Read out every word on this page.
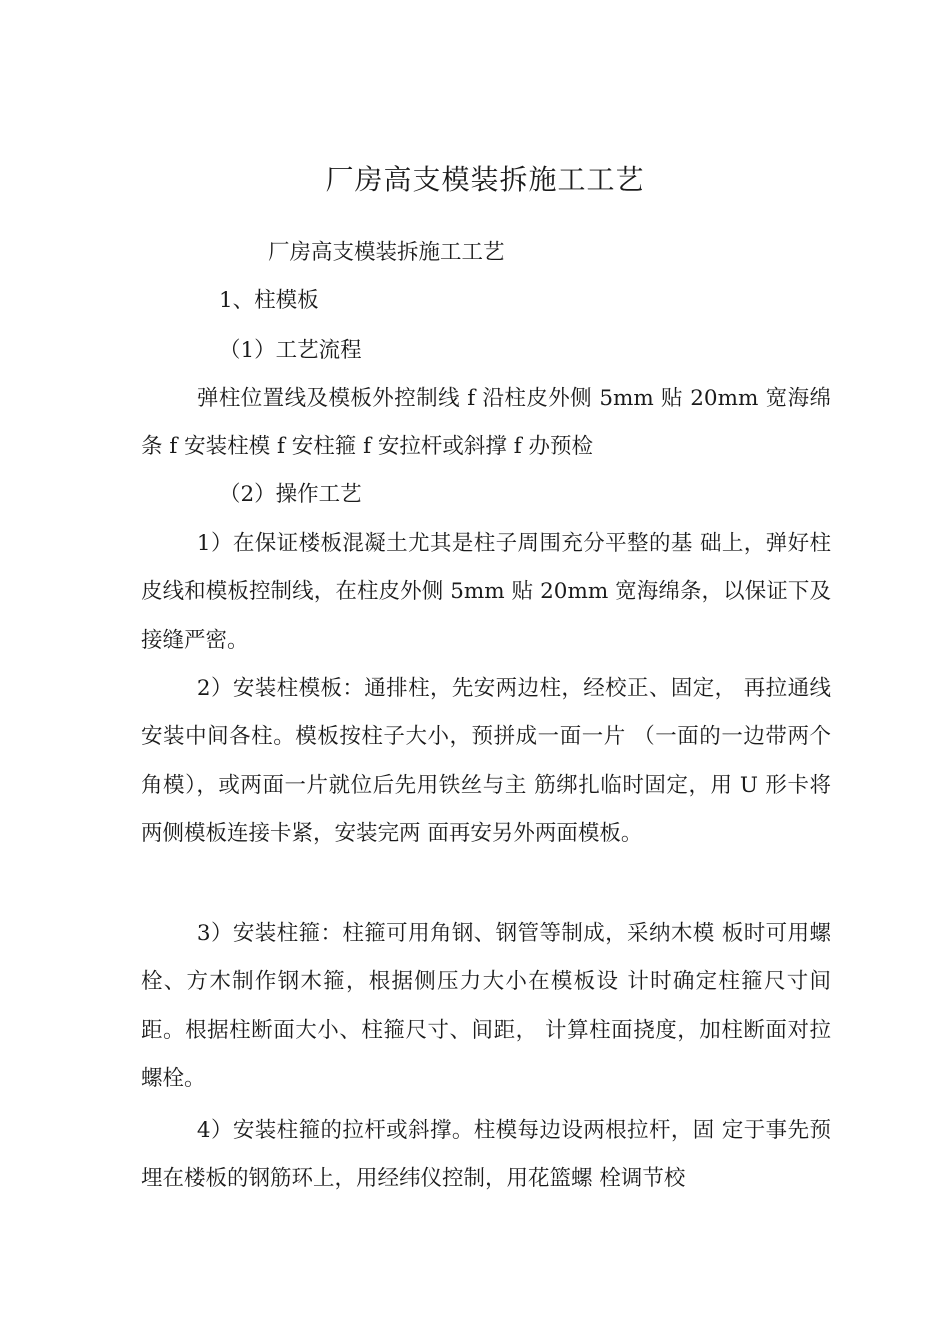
厂房高支模装拆施工工艺
厂房高支模装拆施工工艺
1、柱模板
（1）工艺流程
弹柱位置线及模板外控制线 f 沿柱皮外侧 5mm 贴 20mm 宽海绵条 f 安装柱模 f 安柱箍 f 安拉杆或斜撑 f 办预检
（2）操作工艺
1）在保证楼板混凝土尤其是柱子周围充分平整的基 础上，弹好柱皮线和模板控制线，在柱皮外侧 5mm 贴 20mm 宽海绵条，以保证下及接缝严密。
2）安装柱模板：通排柱，先安两边柱，经校正、固定， 再拉通线安装中间各柱。模板按柱子大小，预拼成一面一片 （一面的一边带两个角模），或两面一片就位后先用铁丝与主 筋绑扎临时固定，用 U 形卡将两侧模板连接卡紧，安装完两 面再安另外两面模板。
3）安装柱箍：柱箍可用角钢、钢管等制成，采纳木模 板时可用螺栓、方木制作钢木箍，根据侧压力大小在模板设 计时确定柱箍尺寸间距。根据柱断面大小、柱箍尺寸、间距， 计算柱面挠度，加柱断面对拉螺栓。
4）安装柱箍的拉杆或斜撑。柱模每边设两根拉杆，固 定于事先预埋在楼板的钢筋环上，用经纬仪控制，用花篮螺 栓调节校
